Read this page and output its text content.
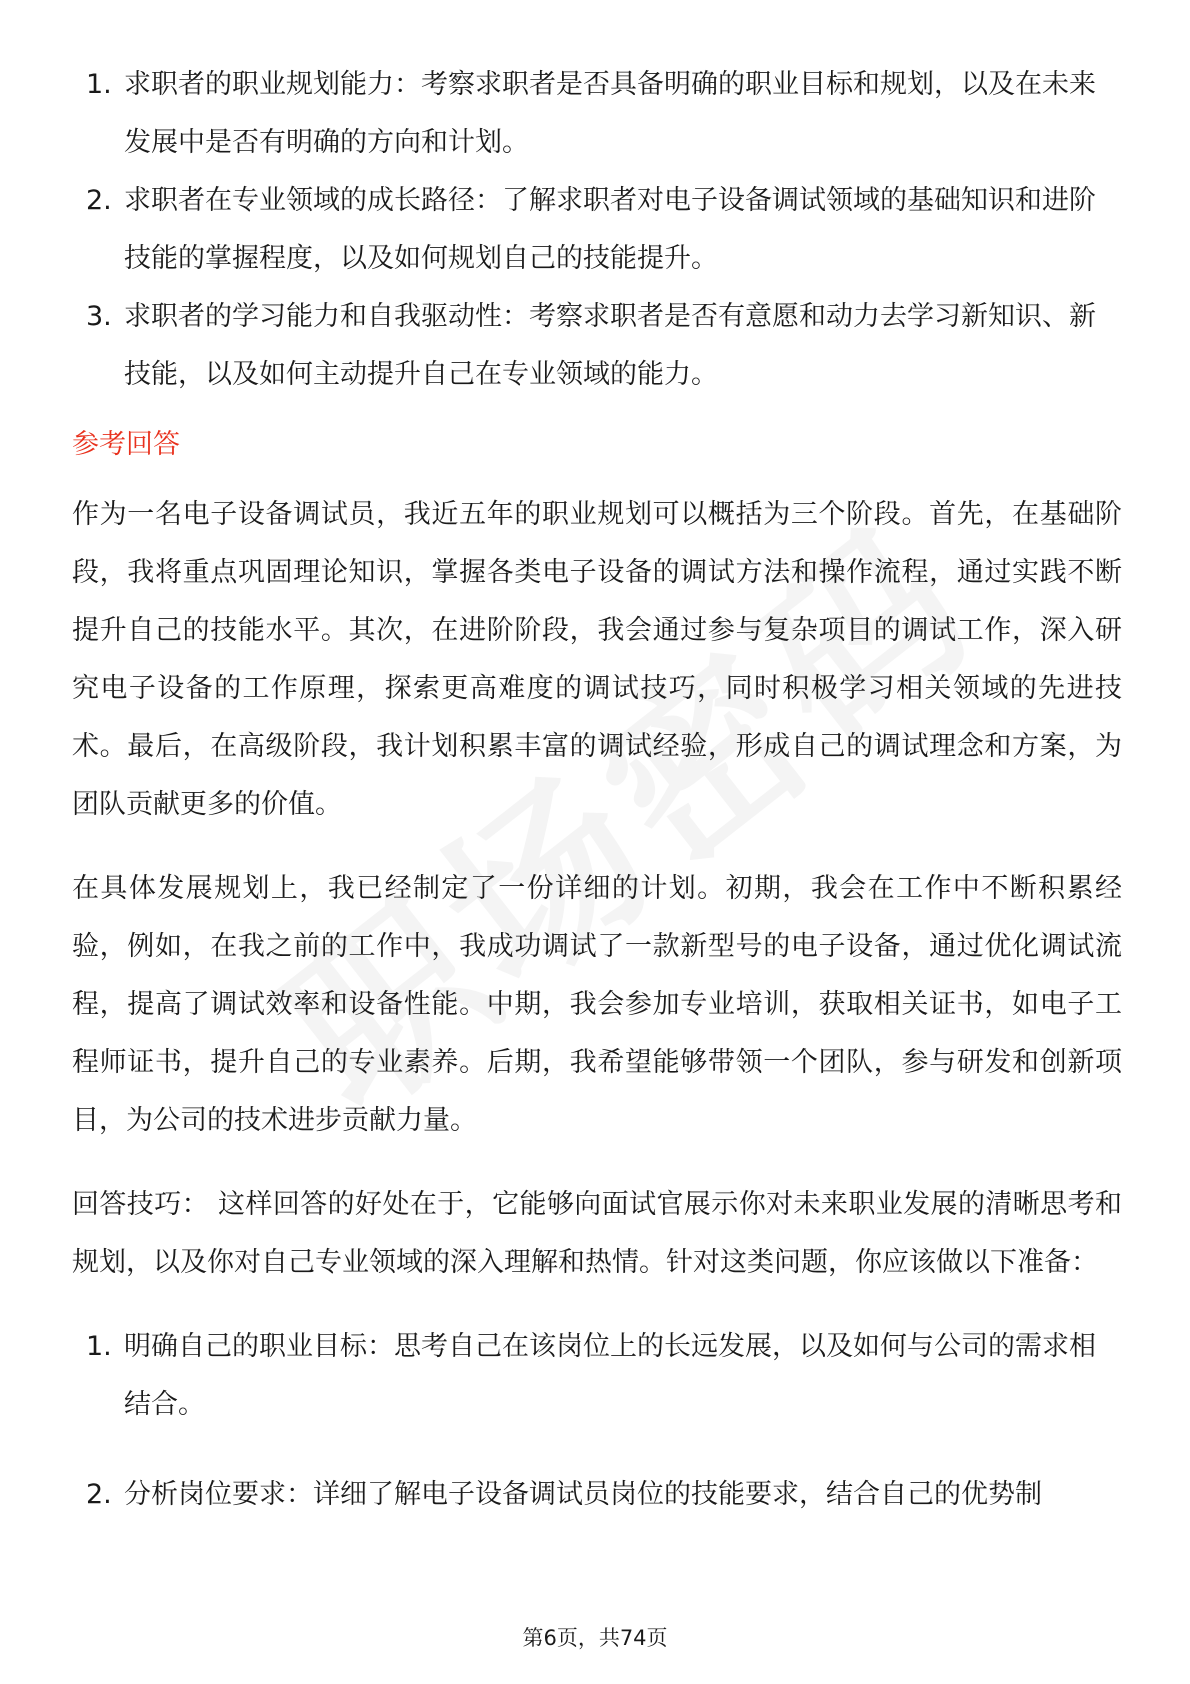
1. 求职者的职业规划能力：考察求职者是否具备明确的职业目标和规划，以及在未来发展中是否有明确的方向和计划。
2. 求职者在专业领域的成长路径：了解求职者对电子设备调试领域的基础知识和进阶技能的掌握程度，以及如何规划自己的技能提升。
3. 求职者的学习能力和自我驱动性：考察求职者是否有意愿和动力去学习新知识、新技能，以及如何主动提升自己在专业领域的能力。
参考回答

作为一名电子设备调试员，我近五年的职业规划可以概括为三个阶段。首先，在基础阶段，我将重点巩固理论知识，掌握各类电子设备的调试方法和操作流程，通过实践不断提升自己的技能水平。其次，在进阶阶段，我会通过参与复杂项目的调试工作，深入研究电子设备的工作原理，探索更高难度的调试技巧，同时积极学习相关领域的先进技术。最后，在高级阶段，我计划积累丰富的调试经验，形成自己的调试理念和方案，为团队贡献更多的价值。

在具体发展规划上，我已经制定了一份详细的计划。初期，我会在工作中不断积累经验，例如，在我之前的工作中，我成功调试了一款新型号的电子设备，通过优化调试流程，提高了调试效率和设备性能。中期，我会参加专业培训，获取相关证书，如电子工程师证书，提升自己的专业素养。后期，我希望能够带领一个团队，参与研发和创新项目，为公司的技术进步贡献力量。

回答技巧： 这样回答的好处在于，它能够向面试官展示你对未来职业发展的清晰思考和规划，以及你对自己专业领域的深入理解和热情。针对这类问题，你应该做以下准备：

1. 明确自己的职业目标：思考自己在该岗位上的长远发展，以及如何与公司的需求相结合。
2. 分析岗位要求：详细了解电子设备调试员岗位的技能要求，结合自己的优势制
第6页，共74页
